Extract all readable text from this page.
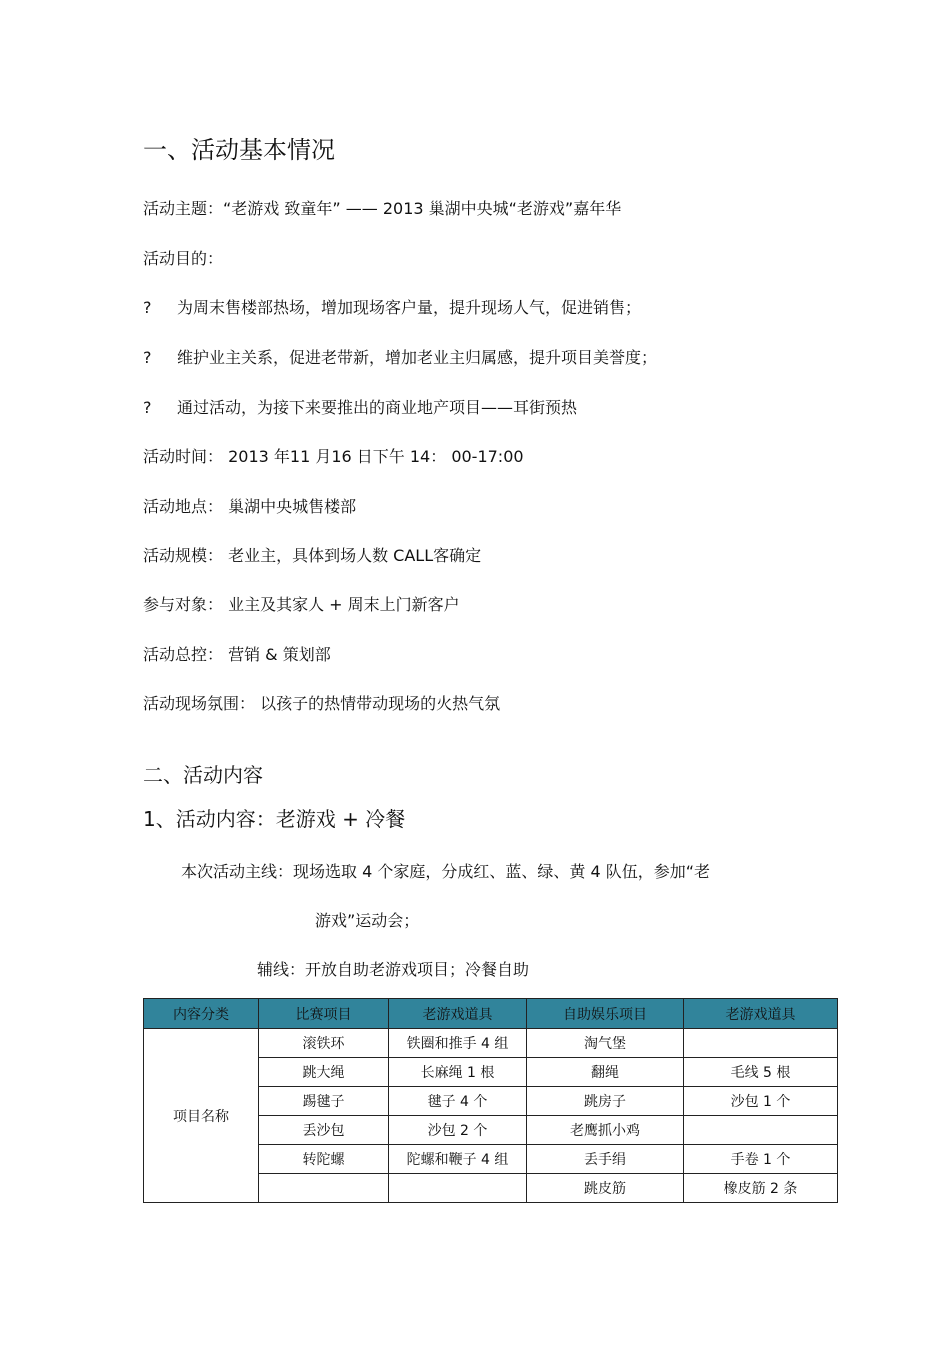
一、活动基本情况
活动主题：“老游戏 致童年” —— 2013 巢湖中央城“老游戏”嘉年华
活动目的：
? 为周末售楼部热场，增加现场客户量，提升现场人气，促进销售；
? 维护业主关系，促进老带新，增加老业主归属感，提升项目美誉度；
? 通过活动，为接下来要推出的商业地产项目——耳街预热
活动时间： 2013 年11 月16 日下午 14： 00-17:00
活动地点： 巢湖中央城售楼部
活动规模： 老业主，具体到场人数 CALL客确定
参与对象： 业主及其家人 + 周末上门新客户
活动总控： 营销 & 策划部
活动现场氛围： 以孩子的热情带动现场的火热气氛
二、活动内容
1、活动内容：老游戏 + 冷餐
本次活动主线：现场选取 4 个家庭，分成红、蓝、绿、黄 4 队伍，参加“老
游戏”运动会；
辅线：开放自助老游戏项目；冷餐自助
内容分类	比赛项目	老游戏道具	自助娱乐项目	老游戏道具
项目名称	滚铁环	铁圈和推手 4 组	淘气堡	
	跳大绳	长麻绳 1 根	翻绳	毛线 5 根
	踢毽子	毽子 4 个	跳房子	沙包 1 个
	丢沙包	沙包 2 个	老鹰抓小鸡	
	转陀螺	陀螺和鞭子 4 组	丢手绢	手卷 1 个
			跳皮筋	橡皮筋 2 条
